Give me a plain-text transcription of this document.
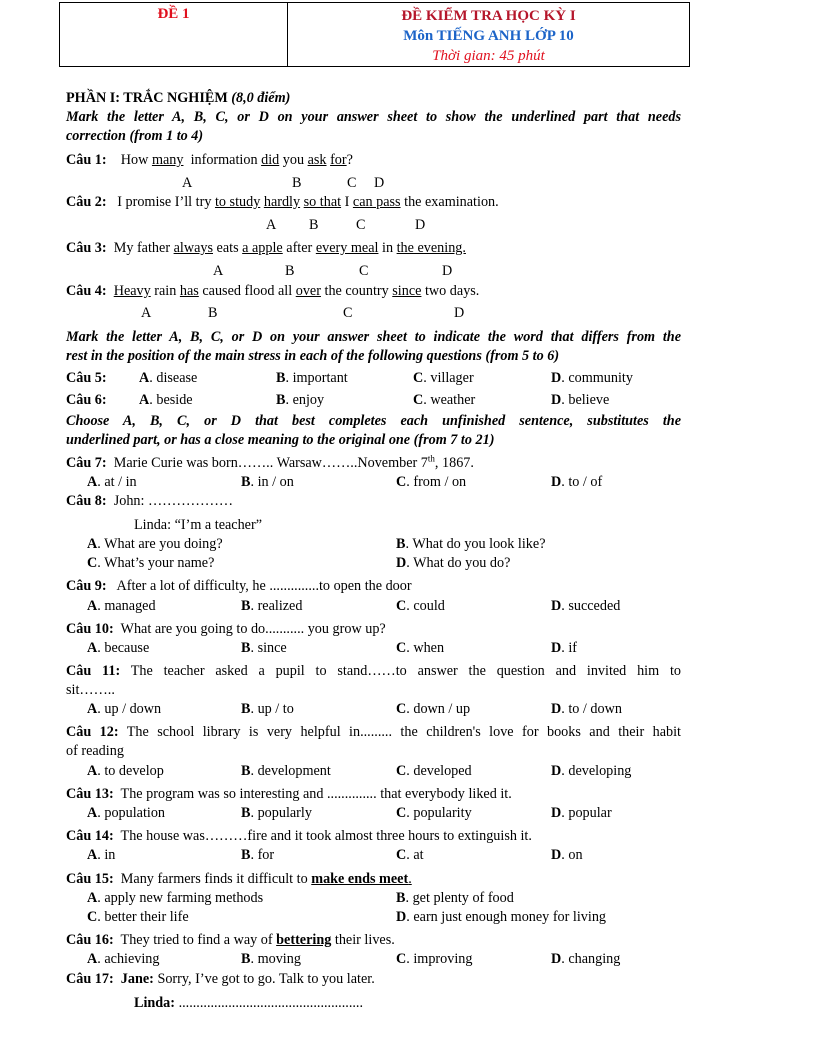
ĐỀ 1	ĐỀ KIỂM TRA HỌC KỲ I
Môn TIẾNG ANH LỚP 10
Thời gian: 45 phút
PHẦN I: TRẮC NGHIỆM (8,0 điểm)
Mark the letter A, B, C, or D on your answer sheet to show the underlined part that needs
correction (from 1 to 4)
Câu 1: How many information did you ask for?
A	B	C D
Câu 2: I promise I’ll try to study hardly so that I can pass the examination.
A B	C	D
Câu 3: My father always eats a apple after every meal in the evening.
A	B	C	D
Câu 4: Heavy rain has caused flood all over the country since two days.
A	B	C	D
Mark the letter A, B, C, or D on your answer sheet to indicate the word that differs from the
rest in the position of the main stress in each of the following questions (from 5 to 6)
Câu 5: A. disease	B. important	C. villager	D. community
Câu 6: A. beside	B. enjoy	C. weather	D. believe
Choose A, B, C, or D that best completes each unfinished sentence, substitutes the
underlined part, or has a close meaning to the original one (from 7 to 21)
Câu 7: Marie Curie was born…….. Warsaw……..November 7th, 1867.
A. at / in	B. in / on	C. from / on	D. to / of
Câu 8: John: ………………
Linda: “I’m a teacher”
A. What are you doing?	B. What do you look like?
C. What’s your name?	D. What do you do?
Câu 9: After a lot of difficulty, he ..............to open the door
A. managed	B. realized	C. could	D. succeded
Câu 10: What are you going to do........... you grow up?
A. because	B. since	C. when	D. if
Câu 11: The teacher asked a pupil to stand……to answer the question and invited him to
sit……..
A. up / down	B. up / to	C. down / up	D. to / down
Câu 12: The school library is very helpful in......... the children's love for books and their habit
of reading
A. to develop	B. development	C. developed	D. developing
Câu 13: The program was so interesting and .............. that everybody liked it.
A. population	B. popularly	C. popularity	D. popular
Câu 14: The house was………fire and it took almost three hours to extinguish it.
A. in	B. for	C. at	D. on
Câu 15: Many farmers finds it difficult to make ends meet.
A. apply new farming methods	B. get plenty of food
C. better their life	D. earn just enough money for living
Câu 16: They tried to find a way of bettering their lives.
A. achieving	B. moving	C. improving	D. changing
Câu 17: Jane: Sorry, I’ve got to go. Talk to you later.
Linda: ....................................................
